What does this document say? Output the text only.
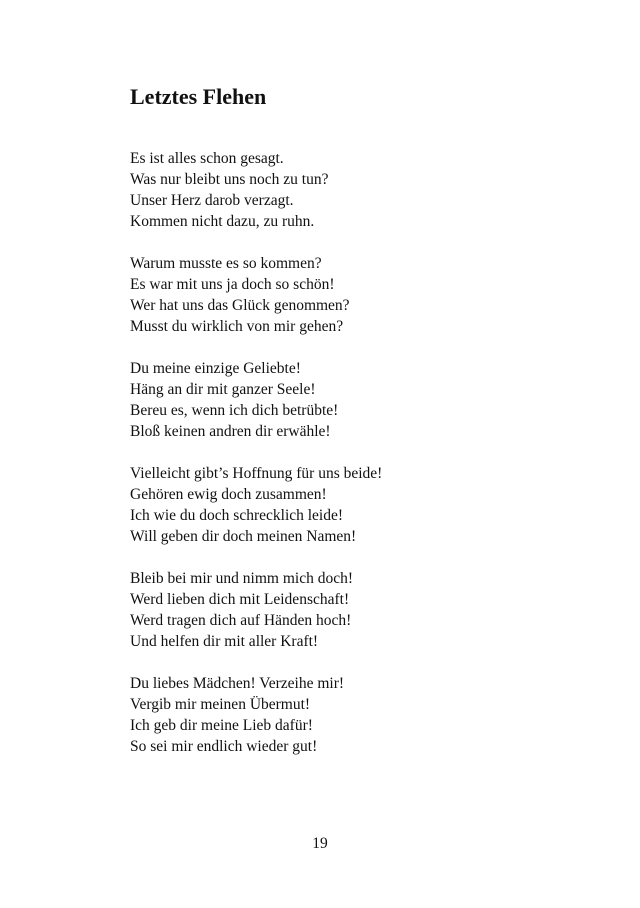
Letztes Flehen
Es ist alles schon gesagt.
Was nur bleibt uns noch zu tun?
Unser Herz darob verzagt.
Kommen nicht dazu, zu ruhn.
Warum musste es so kommen?
Es war mit uns ja doch so schön!
Wer hat uns das Glück genommen?
Musst du wirklich von mir gehen?
Du meine einzige Geliebte!
Häng an dir mit ganzer Seele!
Bereu es, wenn ich dich betrübte!
Bloß keinen andren dir erwähle!
Vielleicht gibt’s Hoffnung für uns beide!
Gehören ewig doch zusammen!
Ich wie du doch schrecklich leide!
Will geben dir doch meinen Namen!
Bleib bei mir und nimm mich doch!
Werd lieben dich mit Leidenschaft!
Werd tragen dich auf Händen hoch!
Und helfen dir mit aller Kraft!
Du liebes Mädchen! Verzeihe mir!
Vergib mir meinen Übermut!
Ich geb dir meine Lieb dafür!
So sei mir endlich wieder gut!
19
